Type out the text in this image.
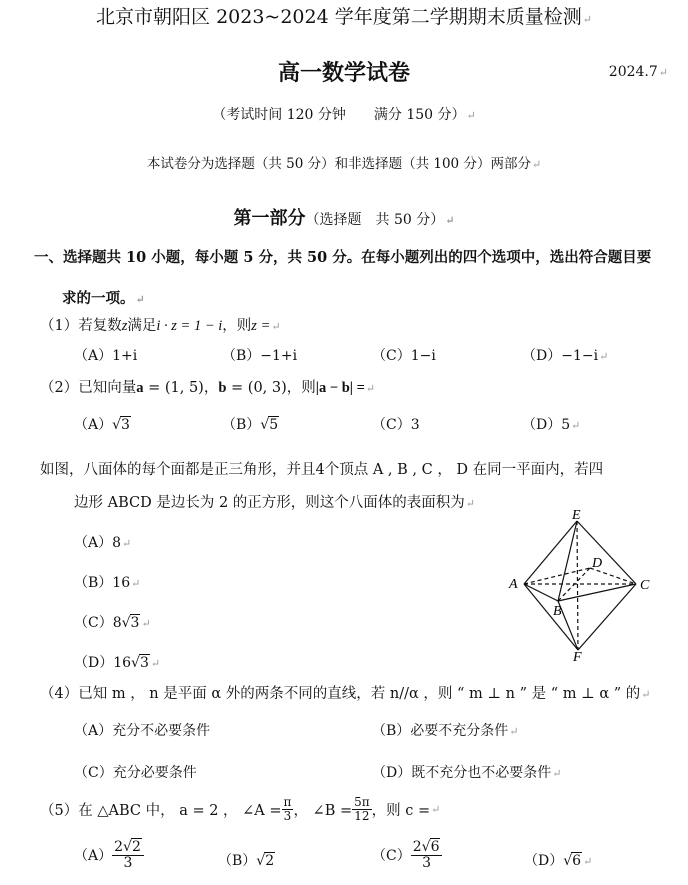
北京市朝阳区 2023~2024 学年度第二学期期末质量检测↵
高一数学试卷	2024.7↵
（考试时间 120 分钟　　满分 150 分）↵
本试卷分为选择题（共 50 分）和非选择题（共 100 分）两部分↵
第一部分（选择题　共 50 分）↵
一、选择题共 10 小题，每小题 5 分，共 50 分。在每小题列出的四个选项中，选出符合题目要
求的一项。↵
（1）若复数z满足i · z = 1 − i，则z =↵
（A）1+i	（B）−1+i	（C）1−i	（D）−1−i↵
（2）已知向量a = (1, 5)，b = (0, 3)，则|a − b| =↵
（A）√3	（B）√5	（C）3	（D）5↵
如图，八面体的每个面都是正三角形，并且4个顶点 A , B , C ， D 在同一平面内，若四
边形 ABCD 是边长为 2 的正方形，则这个八面体的表面积为↵
（A）8↵
（B）16↵
（C）8√3 ↵
（D）16√3 ↵
E
A	C
D
B
F
（4）已知 m ， n 是平面 α 外的两条不同的直线，若 n//α ，则 “ m ⊥ n ” 是 “ m ⊥ α ” 的↵
（A）充分不必要条件	（B）必要不充分条件↵
（C）充分必要条件	（D）既不充分也不必要条件↵
（5） 在 △ABC 中， a = 2 ， ∠A = $\frac{\pi}{3}$ ， ∠B = $\frac{5\pi}{12}$ ，则 c = ↵
$(A) \frac{2√2}{3}$	（B）√2	$(C) \frac{2√6}{3}$	（D）√6 ↵
